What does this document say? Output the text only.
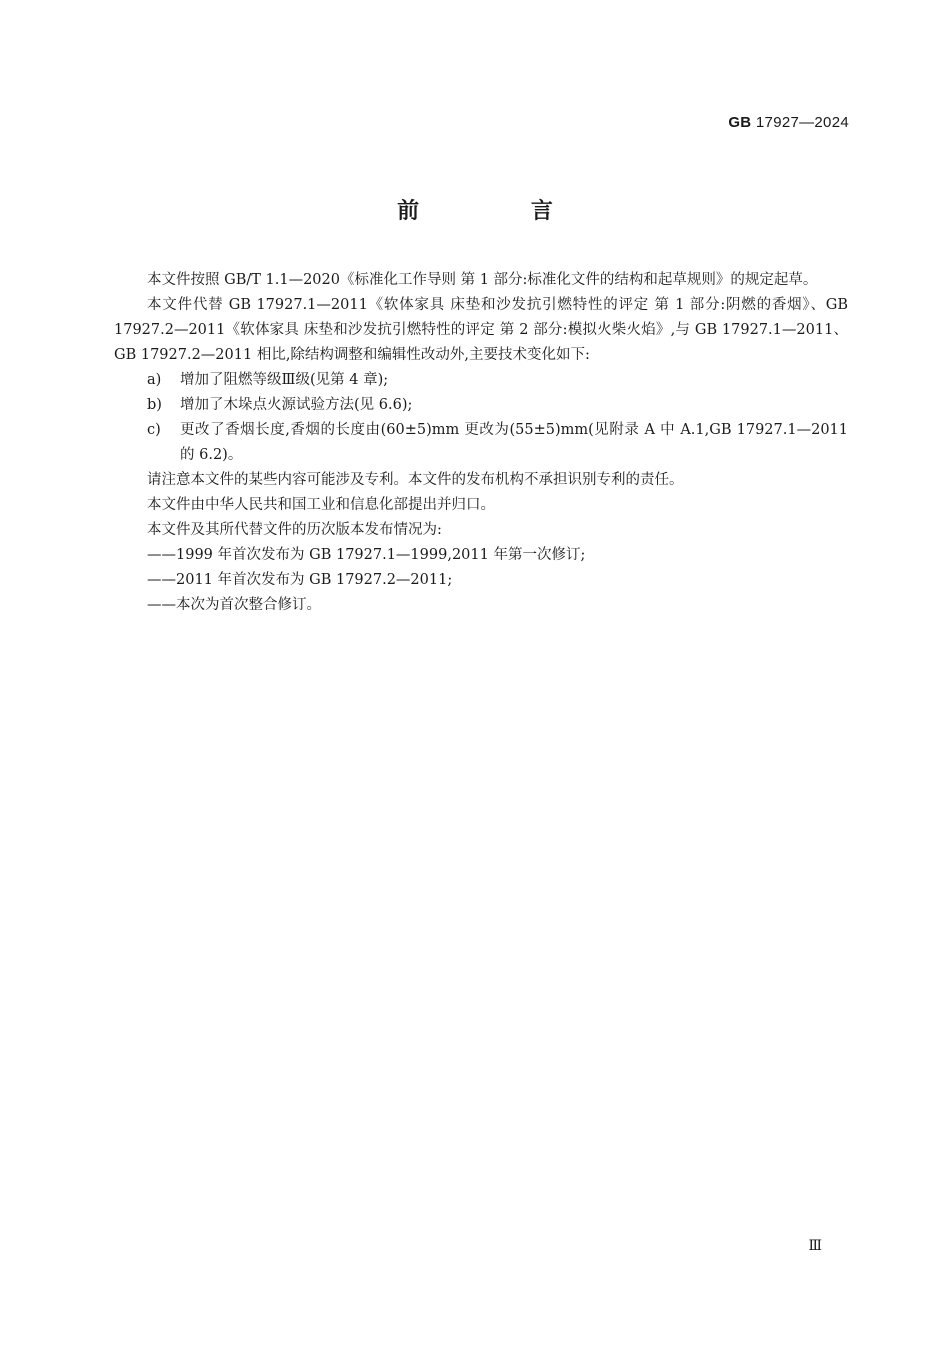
GB 17927—2024
前 言

本文件按照 GB/T 1.1—2020《标准化工作导则 第 1 部分:标准化文件的结构和起草规则》的规定起草。

本文件代替 GB 17927.1—2011《软体家具 床垫和沙发抗引燃特性的评定 第 1 部分:阴燃的香烟》、GB 17927.2—2011《软体家具 床垫和沙发抗引燃特性的评定 第 2 部分:模拟火柴火焰》,与 GB 17927.1—2011、GB 17927.2—2011 相比,除结构调整和编辑性改动外,主要技术变化如下:

a)	增加了阻燃等级Ⅲ级(见第 4 章);
b)	增加了木垛点火源试验方法(见 6.6);
c)	更改了香烟长度,香烟的长度由(60±5)mm 更改为(55±5)mm(见附录 A 中 A.1,GB 17927.1—2011 的 6.2)。

请注意本文件的某些内容可能涉及专利。本文件的发布机构不承担识别专利的责任。

本文件由中华人民共和国工业和信息化部提出并归口。

本文件及其所代替文件的历次版本发布情况为:

——1999 年首次发布为 GB 17927.1—1999,2011 年第一次修订;

——2011 年首次发布为 GB 17927.2—2011;

——本次为首次整合修订。

Ⅲ
